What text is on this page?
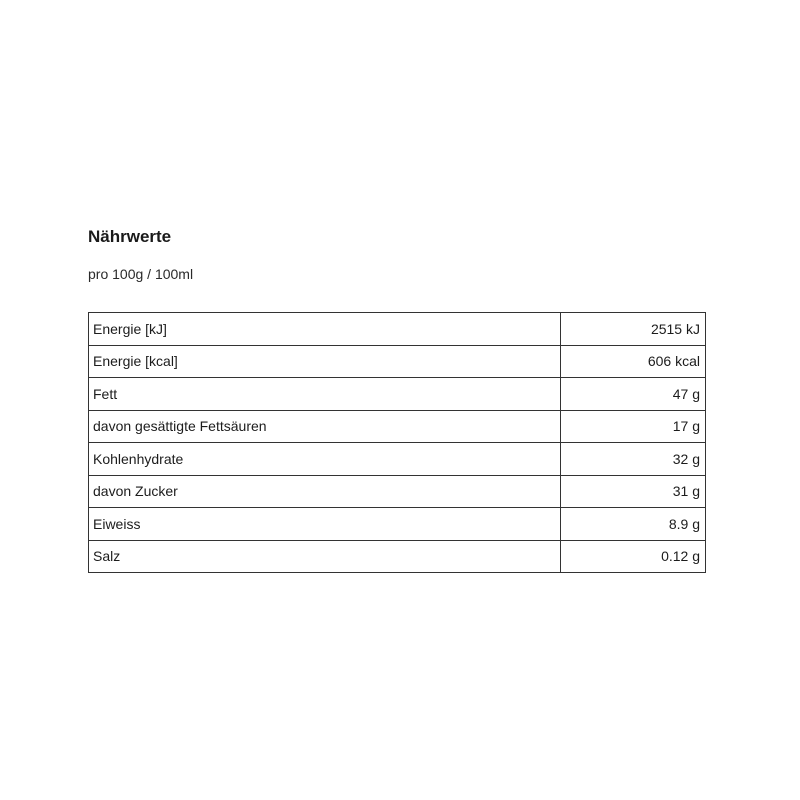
Nährwerte
pro 100g / 100ml
Energie [kJ]	2515 kJ
Energie [kcal]	606 kcal
Fett	47 g
davon gesättigte Fettsäuren	17 g
Kohlenhydrate	32 g
davon Zucker	31 g
Eiweiss	8.9 g
Salz	0.12 g
